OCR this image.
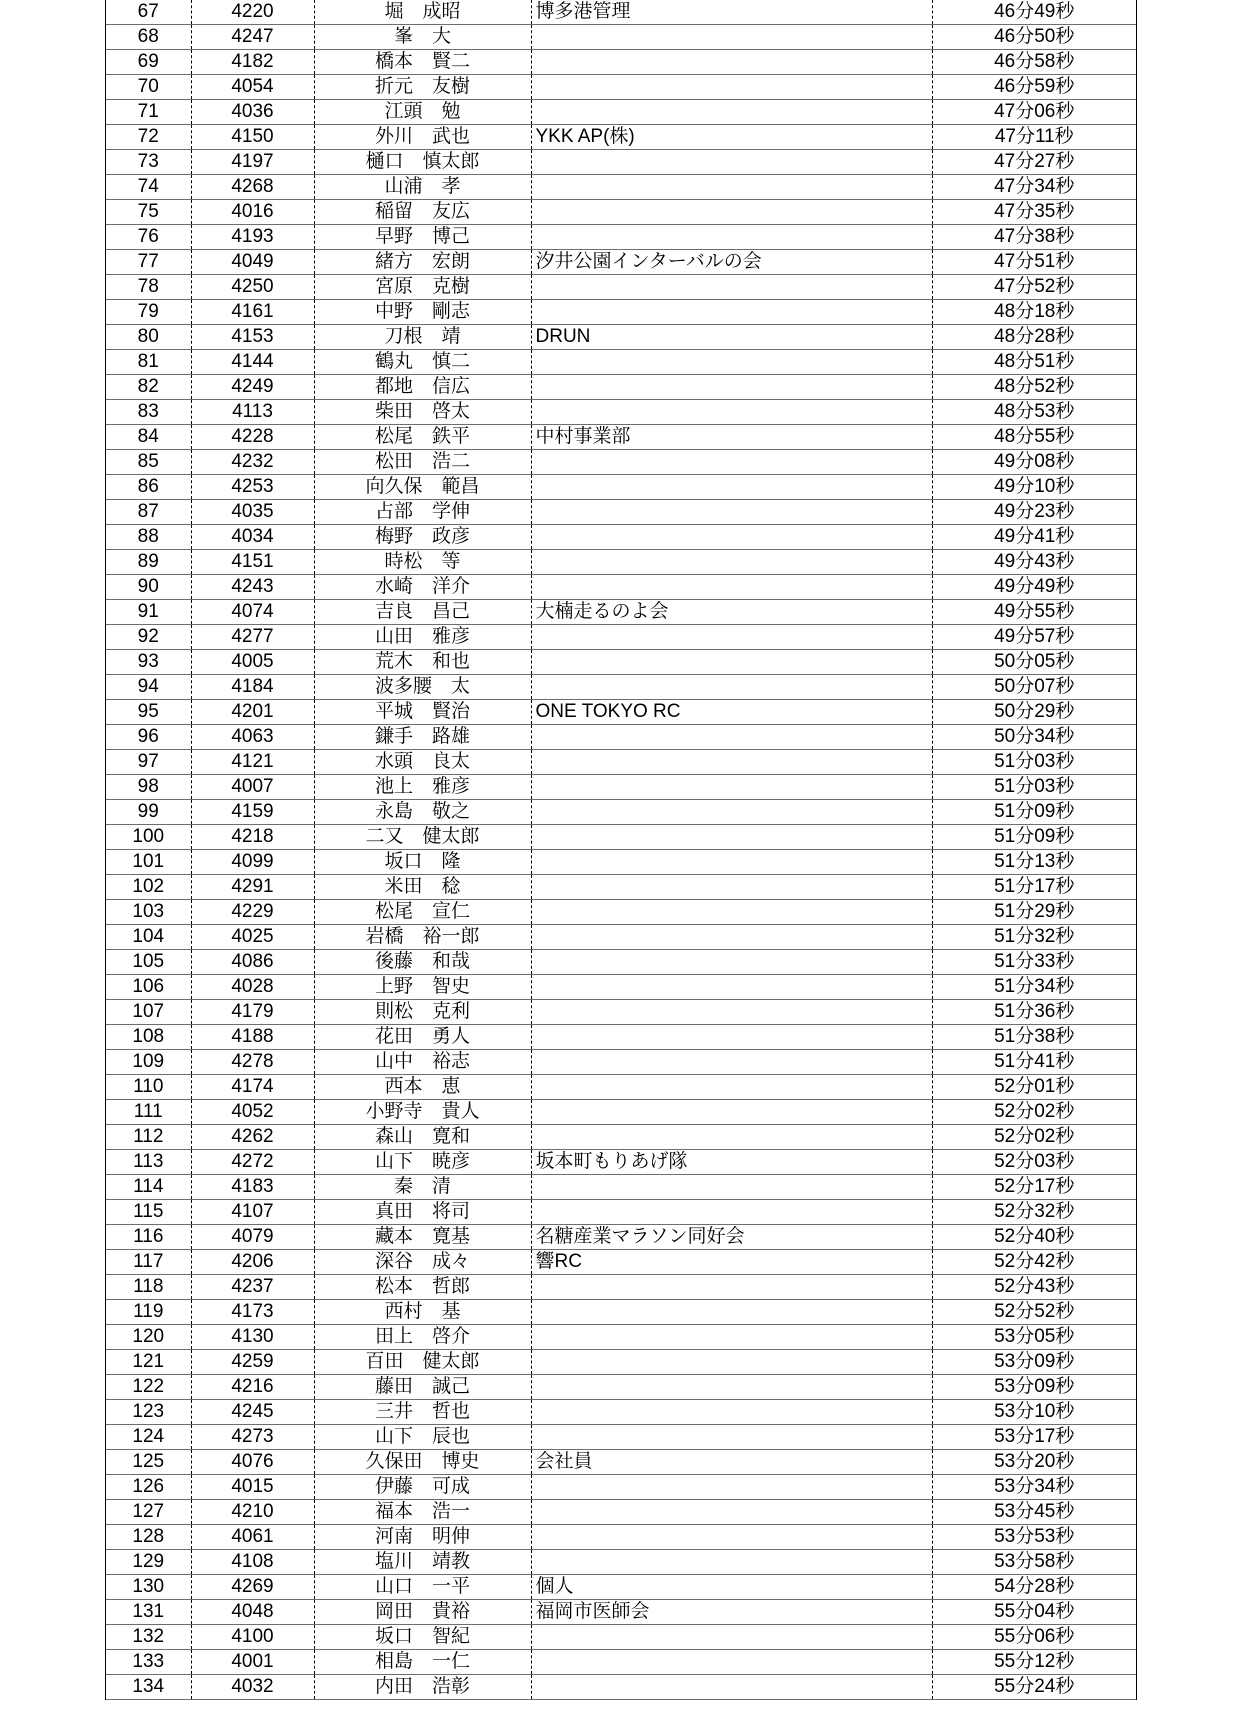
67	4220	堀　成昭	博多港管理	46分49秒
68	4247	峯　大		46分50秒
69	4182	橋本　賢二		46分58秒
70	4054	折元　友樹		46分59秒
71	4036	江頭　勉		47分06秒
72	4150	外川　武也	YKK AP(株)	47分11秒
73	4197	樋口　慎太郎		47分27秒
74	4268	山浦　孝		47分34秒
75	4016	稲留　友広		47分35秒
76	4193	早野　博己		47分38秒
77	4049	緒方　宏朗	汐井公園インターバルの会	47分51秒
78	4250	宮原　克樹		47分52秒
79	4161	中野　剛志		48分18秒
80	4153	刀根　靖	DRUN	48分28秒
81	4144	鶴丸　慎二		48分51秒
82	4249	都地　信広		48分52秒
83	4113	柴田　啓太		48分53秒
84	4228	松尾　鉄平	中村事業部	48分55秒
85	4232	松田　浩二		49分08秒
86	4253	向久保　範昌		49分10秒
87	4035	占部　学伸		49分23秒
88	4034	梅野　政彦		49分41秒
89	4151	時松　等		49分43秒
90	4243	水崎　洋介		49分49秒
91	4074	吉良　昌己	大楠走るのよ会	49分55秒
92	4277	山田　雅彦		49分57秒
93	4005	荒木　和也		50分05秒
94	4184	波多腰　太		50分07秒
95	4201	平城　賢治	ONE TOKYO RC	50分29秒
96	4063	鎌手　路雄		50分34秒
97	4121	水頭　良太		51分03秒
98	4007	池上　雅彦		51分03秒
99	4159	永島　敬之		51分09秒
100	4218	二又　健太郎		51分09秒
101	4099	坂口　隆		51分13秒
102	4291	米田　稔		51分17秒
103	4229	松尾　宣仁		51分29秒
104	4025	岩橋　裕一郎		51分32秒
105	4086	後藤　和哉		51分33秒
106	4028	上野　智史		51分34秒
107	4179	則松　克利		51分36秒
108	4188	花田　勇人		51分38秒
109	4278	山中　裕志		51分41秒
110	4174	西本　恵		52分01秒
111	4052	小野寺　貴人		52分02秒
112	4262	森山　寛和		52分02秒
113	4272	山下　暁彦	坂本町もりあげ隊	52分03秒
114	4183	秦　清		52分17秒
115	4107	真田　将司		52分32秒
116	4079	藏本　寛基	名糖産業マラソン同好会	52分40秒
117	4206	深谷　成々	響RC	52分42秒
118	4237	松本　哲郎		52分43秒
119	4173	西村　基		52分52秒
120	4130	田上　啓介		53分05秒
121	4259	百田　健太郎		53分09秒
122	4216	藤田　誠己		53分09秒
123	4245	三井　哲也		53分10秒
124	4273	山下　辰也		53分17秒
125	4076	久保田　博史	会社員	53分20秒
126	4015	伊藤　可成		53分34秒
127	4210	福本　浩一		53分45秒
128	4061	河南　明伸		53分53秒
129	4108	塩川　靖教		53分58秒
130	4269	山口　一平	個人	54分28秒
131	4048	岡田　貴裕	福岡市医師会	55分04秒
132	4100	坂口　智紀		55分06秒
133	4001	相島　一仁		55分12秒
134	4032	内田　浩彰		55分24秒
